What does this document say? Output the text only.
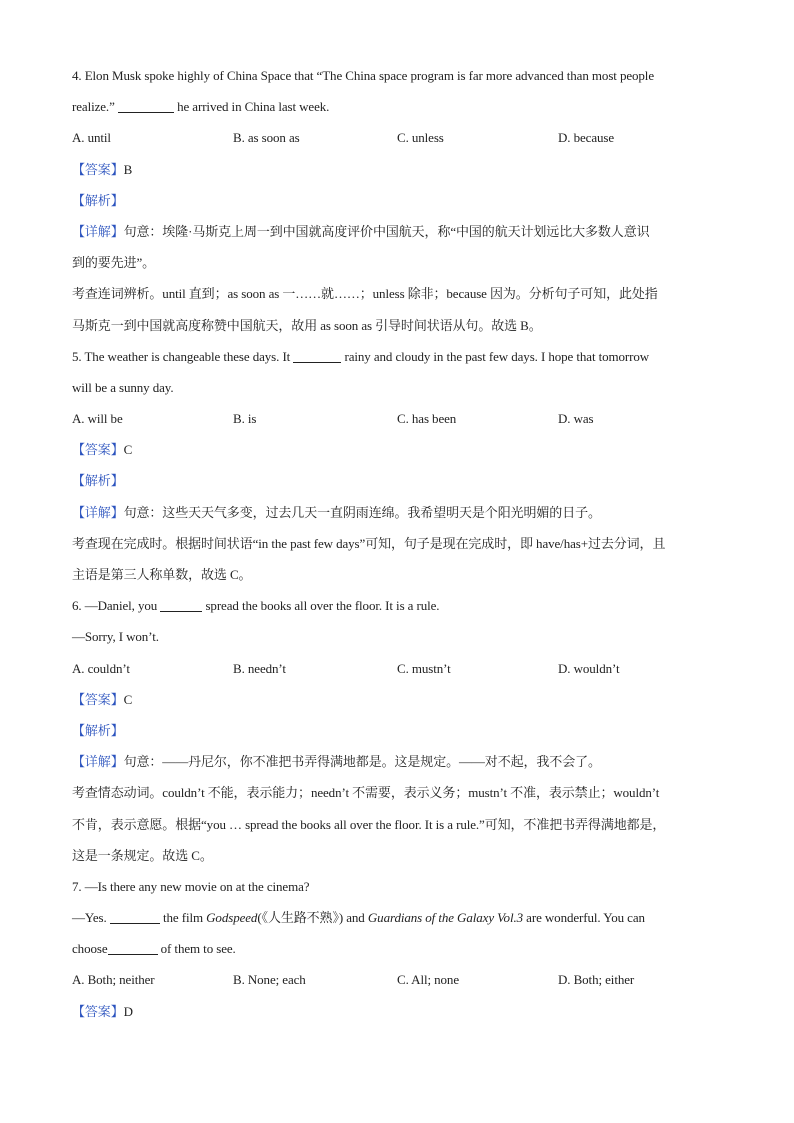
4. Elon Musk spoke highly of China Space that “The China space program is far more advanced than most people
realize.”	he arrived in China last week.
A. until	B. as soon as	C. unless	D. because
【答案】B
【解析】
【详解】句意：埃隆·马斯克上周一到中国就高度评价中国航天，称“中国的航天计划远比大多数人意识
到的要先进”。
考查连词辨析。until 直到；as soon as 一……就……；unless 除非；because 因为。分析句子可知，此处指
马斯克一到中国就高度称赞中国航天，故用 as soon as 引导时间状语从句。故选 B。
5. The weather is changeable these days. It	rainy and cloudy in the past few days. I hope that tomorrow
will be a sunny day.
A. will be	B. is	C. has been	D. was
【答案】C
【解析】
【详解】句意：这些天天气多变，过去几天一直阴雨连绵。我希望明天是个阳光明媚的日子。
考查现在完成时。根据时间状语“in the past few days”可知，句子是现在完成时，即 have/has+过去分词，且
主语是第三人称单数，故选 C。
6. —Daniel, you	spread the books all over the floor. It is a rule.
—Sorry, I won’t.
A. couldn’t	B. needn’t	C. mustn’t	D. wouldn’t
【答案】C
【解析】
【详解】句意：——丹尼尔，你不准把书弄得满地都是。这是规定。——对不起，我不会了。
考查情态动词。couldn’t 不能，表示能力；needn’t 不需要，表示义务；mustn’t 不准，表示禁止；wouldn’t
不肯，表示意愿。根据“you … spread the books all over the floor. It is a rule.”可知，不准把书弄得满地都是，
这是一条规定。故选 C。
7. —Is there any new movie on at the cinema?
—Yes.	the film Godspeed(《人生路不熟》) and Guardians of the Galaxy Vol.3 are wonderful. You can
choose	of them to see.
A. Both; neither	B. None; each	C. All; none	D. Both; either
【答案】D
